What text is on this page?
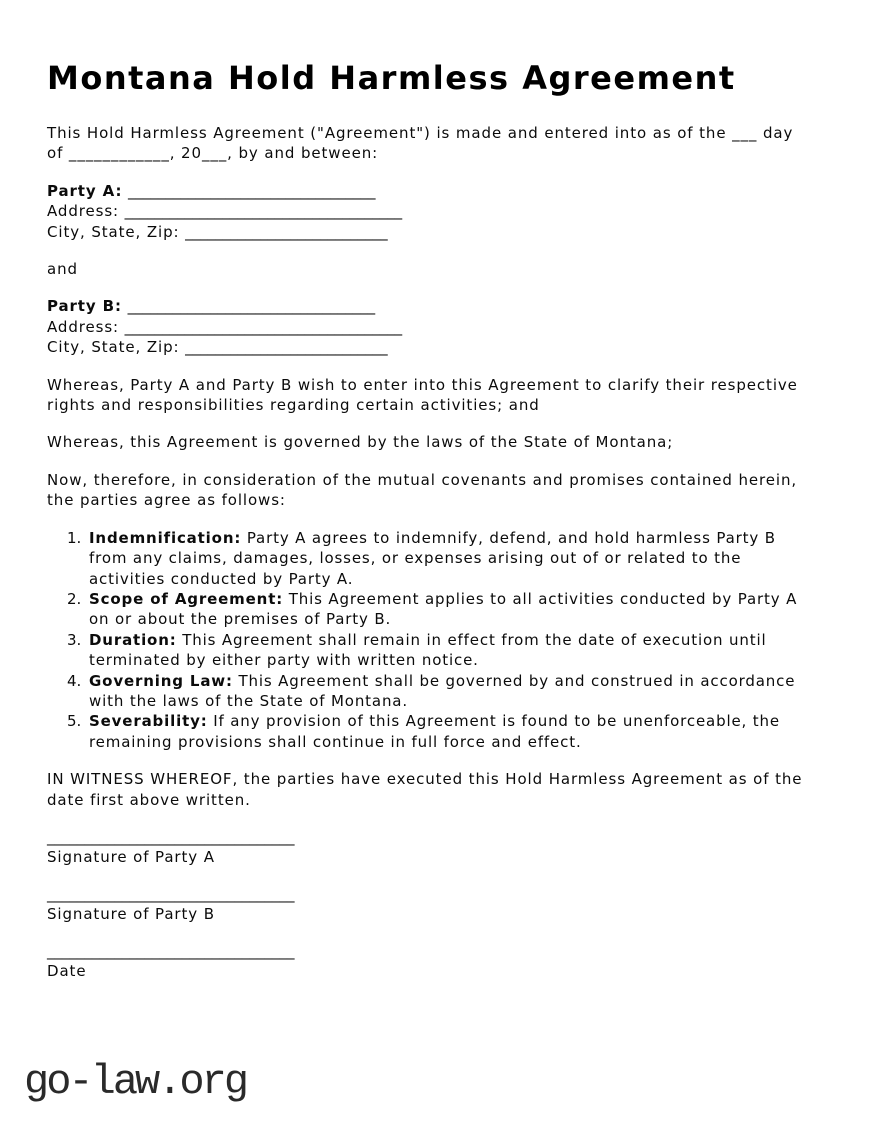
Montana Hold Harmless Agreement

This Hold Harmless Agreement ("Agreement") is made and entered into as of the ___ day of ____________, 20___, by and between:

Party A: _________________________________
Address: _____________________________________
City, State, Zip: ___________________________

and

Party B: _________________________________
Address: _____________________________________
City, State, Zip: ___________________________

Whereas, Party A and Party B wish to enter into this Agreement to clarify their respective rights and responsibilities regarding certain activities; and

Whereas, this Agreement is governed by the laws of the State of Montana;

Now, therefore, in consideration of the mutual covenants and promises contained herein, the parties agree as follows:

1. Indemnification: Party A agrees to indemnify, defend, and hold harmless Party B from any claims, damages, losses, or expenses arising out of or related to the activities conducted by Party A.
2. Scope of Agreement: This Agreement applies to all activities conducted by Party A on or about the premises of Party B.
3. Duration: This Agreement shall remain in effect from the date of execution until terminated by either party with written notice.
4. Governing Law: This Agreement shall be governed by and construed in accordance with the laws of the State of Montana.
5. Severability: If any provision of this Agreement is found to be unenforceable, the remaining provisions shall continue in full force and effect.

IN WITNESS WHEREOF, the parties have executed this Hold Harmless Agreement as of the date first above written.

_________________________________
Signature of Party A
_________________________________
Signature of Party B
_________________________________
Date
go-law.org
